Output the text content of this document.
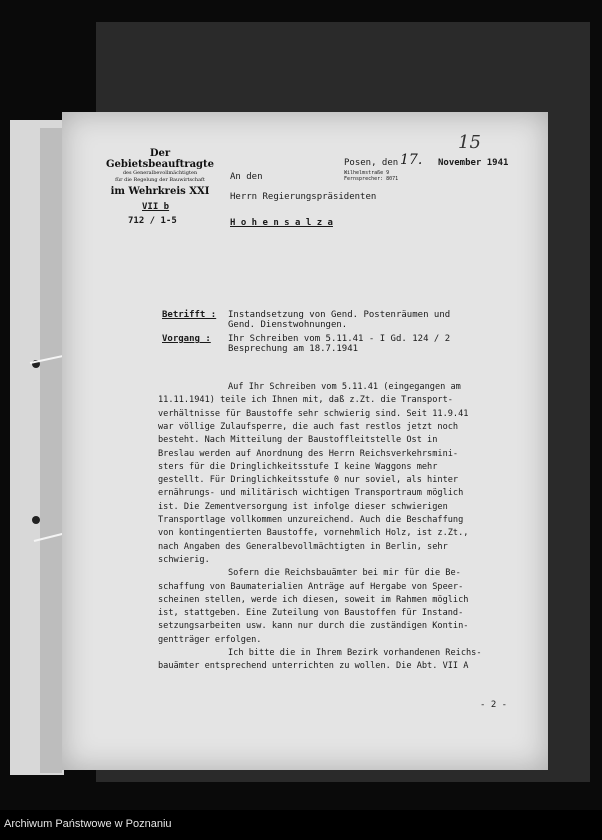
Der Gebietsbeauftragte
des Generalbevollmächtigten
für die Regelung der Bauwirtschaft
im Wehrkreis XXI
VII b
712 / 1-5
15
Posen, den 17. November 1941
Wilhelmstraße 9
Fernsprecher: 8071
An den
Herrn Regierungspräsidenten
H o h e n s a l z a
Betrifft : Instandsetzung von Gend. Postenräumen und
Gend. Dienstwohnungen.
Vorgang : Ihr Schreiben vom 5.11.41 - I Gd. 124 / 2
Besprechung am 18.7.1941
Auf Ihr Schreiben vom 5.11.41 (eingegangen am
11.11.1941) teile ich Ihnen mit, daß z.Zt. die Transport-
verhältnisse für Baustoffe sehr schwierig sind. Seit 11.9.41
war völlige Zulaufsperre, die auch fast restlos jetzt noch
besteht. Nach Mitteilung der Baustoffleitstelle Ost in
Breslau werden auf Anordnung des Herrn Reichsverkehrsmini-
sters für die Dringlichkeitsstufe I keine Waggons mehr
gestellt. Für Dringlichkeitsstufe 0 nur soviel, als hinter
ernährungs- und militärisch wichtigen Transportraum möglich
ist. Die Zementversorgung ist infolge dieser schwierigen
Transportlage vollkommen unzureichend. Auch die Beschaffung
von kontingentierten Baustoffe, vornehmlich Holz, ist z.Zt.,
nach Angaben des Generalbevollmächtigten in Berlin, sehr
schwierig.
Sofern die Reichsbauämter bei mir für die Be-
schaffung von Baumaterialien Anträge auf Hergabe von Speer-
scheinen stellen, werde ich diesen, soweit im Rahmen möglich
ist, stattgeben. Eine Zuteilung von Baustoffen für Instand-
setzungsarbeiten usw. kann nur durch die zuständigen Kontin-
gentträger erfolgen.
Ich bitte die in Ihrem Bezirk vorhandenen Reichs-
bauämter entsprechend unterrichten zu wollen. Die Abt. VII A
- 2 -
Archiwum Państwowe w Poznaniu
